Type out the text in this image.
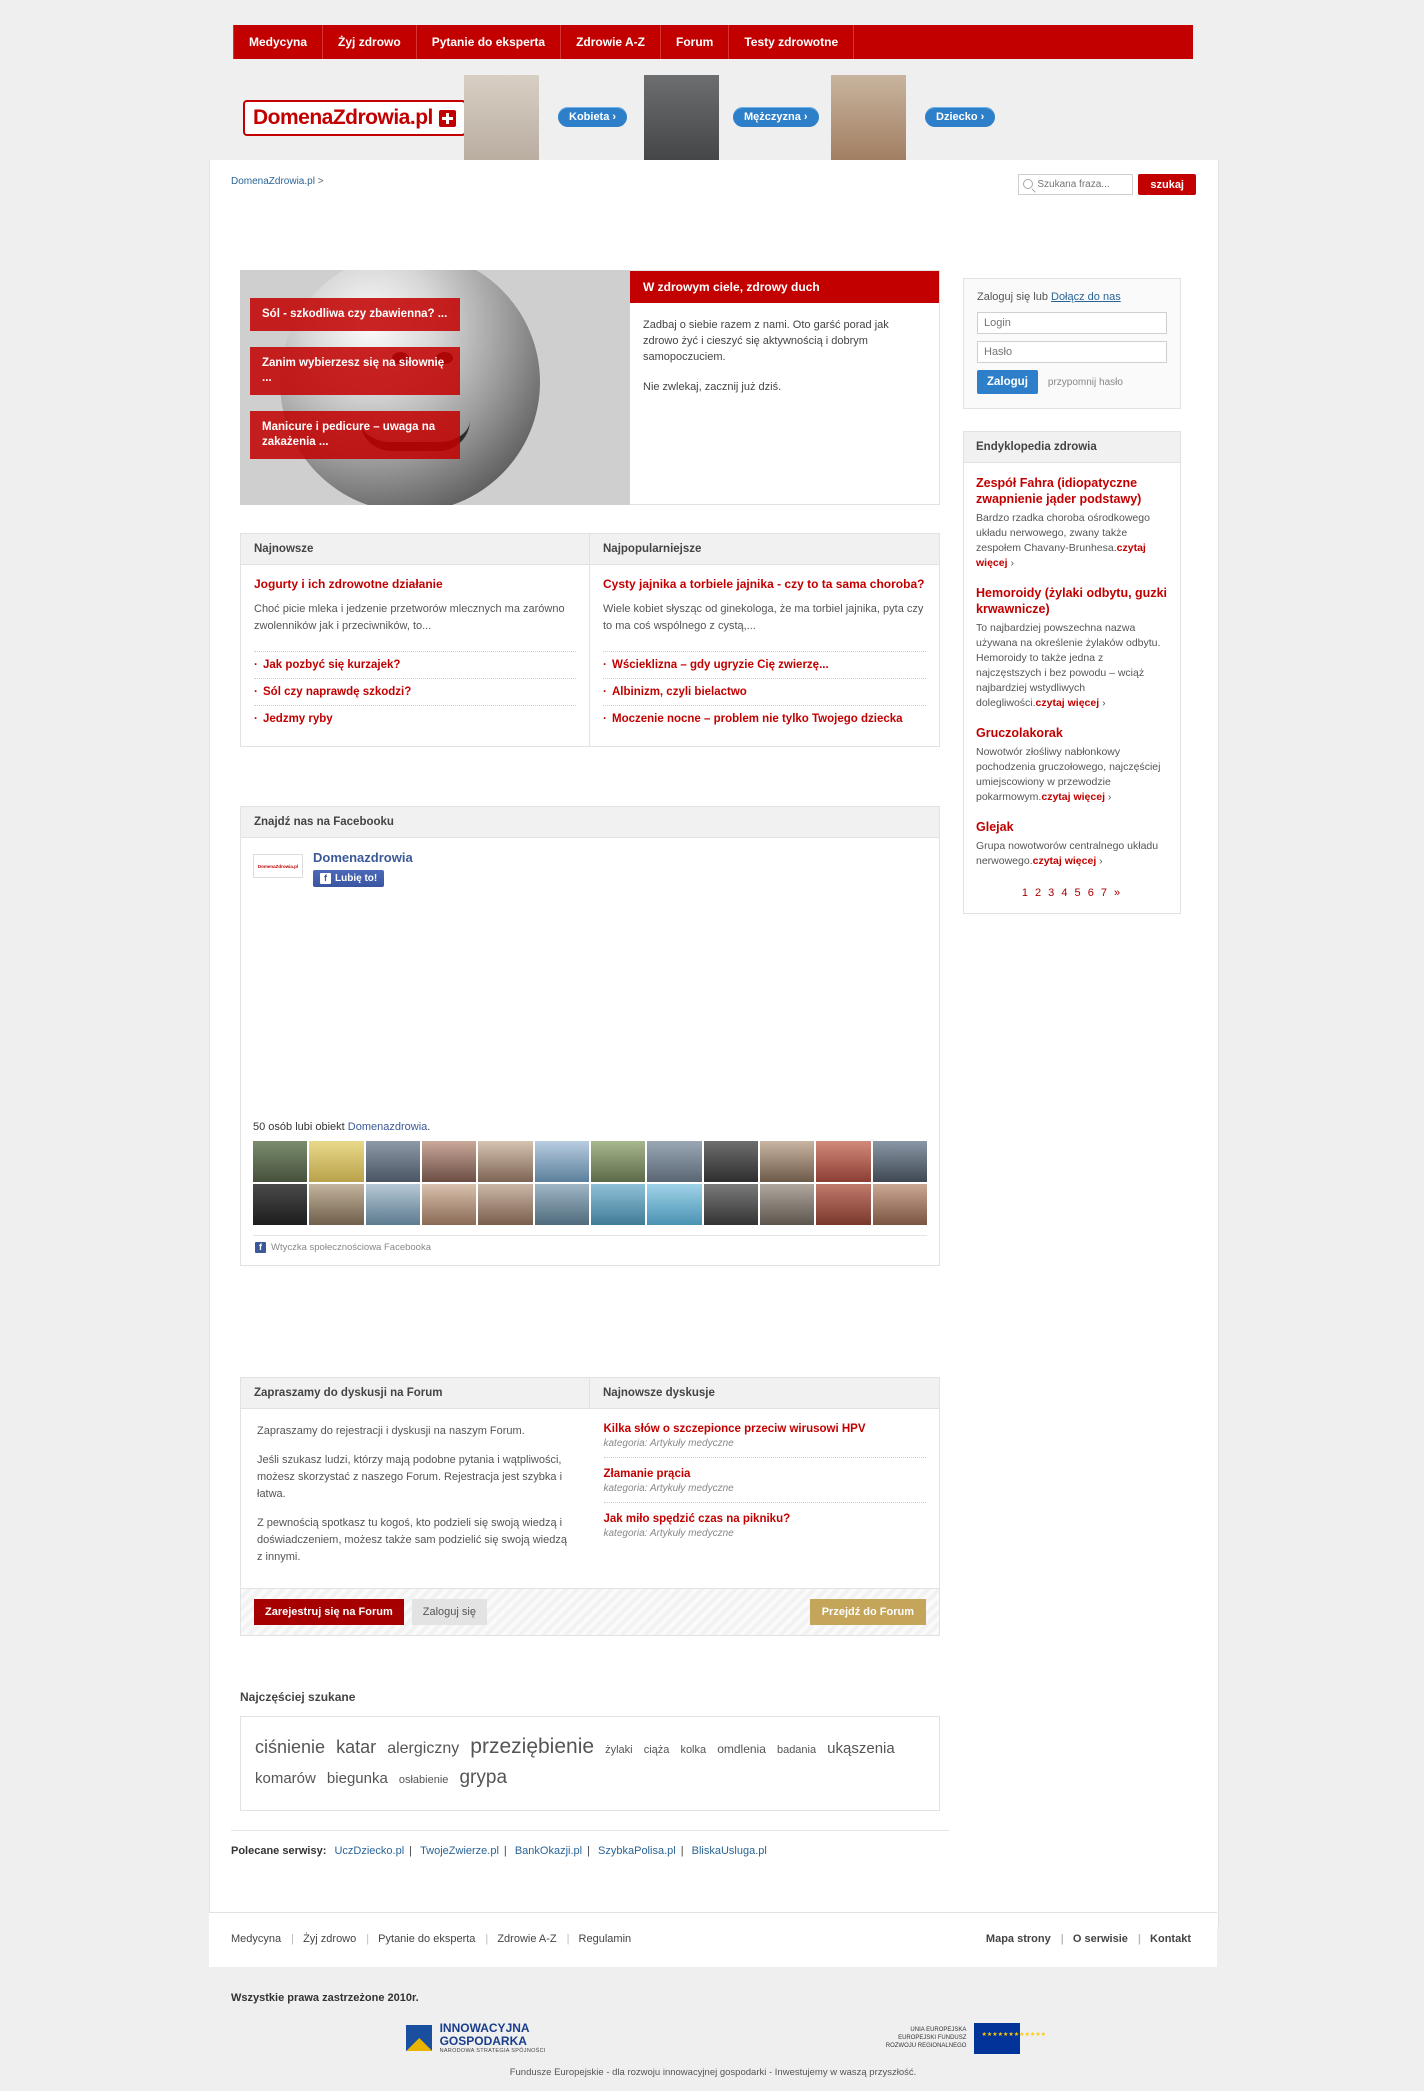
Medycyna	Żyj zdrowo	Pytanie do eksperta	Zdrowie A-Z	Forum	Testy zdrowotne
DomenaZdrowia.pl	Kobieta ›	Mężczyzna ›	Dziecko ›
DomenaZdrowia.pl >
Szukana fraza...	szukaj
Sól - szkodliwa czy zbawienna? ...
Zanim wybierzesz się na siłownię ...
Manicure i pedicure – uwaga na zakażenia ...
W zdrowym ciele, zdrowy duch

Zadbaj o siebie razem z nami. Oto garść porad jak zdrowo żyć i cieszyć się aktywnością i dobrym samopoczuciem.

Nie zwlekaj, zacznij już dziś.

Najnowsze
Jogurty i ich zdrowotne działanie

Choć picie mleka i jedzenie przetworów mlecznych ma zarówno zwolenników jak i przeciwników, to...

· Jak pozbyć się kurzajek?
· Sól czy naprawdę szkodzi?
· Jedzmy ryby
Najpopularniejsze
Cysty jajnika a torbiele jajnika - czy to ta sama choroba?

Wiele kobiet słysząc od ginekologa, że ma torbiel jajnika, pyta czy to ma coś wspólnego z cystą,...

· Wścieklizna – gdy ugryzie Cię zwierzę...
· Albinizm, czyli bielactwo
· Moczenie nocne – problem nie tylko Twojego dziecka
Znajdź nas na Facebooku
DomenaZdrowia.pl
Domenazdrowia
f Lubię to!
50 osób lubi obiekt Domenazdrowia.
f Wtyczka społecznościowa Facebooka
Zapraszamy do dyskusji na Forum	Najnowsze dyskusje

Zapraszamy do rejestracji i dyskusji na naszym Forum.

Jeśli szukasz ludzi, którzy mają podobne pytania i wątpliwości, możesz skorzystać z naszego Forum. Rejestracja jest szybka i łatwa.

Z pewnością spotkasz tu kogoś, kto podzieli się swoją wiedzą i doświadczeniem, możesz także sam podzielić się swoją wiedzą z innymi.

Kilka słów o szczepionce przeciw wirusowi HPV
kategoria: Artykuły medyczne
Złamanie prącia
kategoria: Artykuły medyczne
Jak miło spędzić czas na pikniku?
kategoria: Artykuły medyczne
Zarejestruj się na Forum	Zaloguj się	Przejdź do Forum
Najczęściej szukane
ciśnienie katar alergiczny przeziębienie żylaki ciąża kolka omdlenia badania ukąszenia
komarów biegunka osłabienie grypa
Polecane serwisy: UczDziecko.pl | TwojeZwierze.pl | BankOkazji.pl | SzybkaPolisa.pl | BliskaUsluga.pl
Zaloguj się lub Dołącz do nas
Login
Zaloguj	przypomnij hasło
Endyklopedia zdrowia
Zespół Fahra (idiopatyczne zwapnienie jąder podstawy)

Bardzo rzadka choroba ośrodkowego układu nerwowego, zwany także zespołem Chavany-Brunhesa.czytaj więcej ›

Hemoroidy (żylaki odbytu, guzki krwawnicze)

To najbardziej powszechna nazwa używana na określenie żylaków odbytu. Hemoroidy to także jedna z najczęstszych i bez powodu – wciąż najbardziej wstydliwych dolegliwości.czytaj więcej ›

Gruczolakorak

Nowotwór złośliwy nabłonkowy pochodzenia gruczołowego, najczęściej umiejscowiony w przewodzie pokarmowym.czytaj więcej ›

Glejak

Grupa nowotworów centralnego układu nerwowego.czytaj więcej ›

1 2 3 4 5 6 7 »
Medycyna | Żyj zdrowo | Pytanie do eksperta | Zdrowie A-Z | Regulamin	Mapa strony | O serwisie | Kontakt
Wszystkie prawa zastrzeżone 2010r.
INNOWACYJNA
GOSPODARKA
NARODOWA STRATEGIA SPÓJNOŚCI
UNIA EUROPEJSKA
EUROPEJSKI FUNDUSZ
ROZWOJU REGIONALNEGO
★★★★★★★★★★★★
Fundusze Europejskie - dla rozwoju innowacyjnej gospodarki - Inwestujemy w waszą przyszłość.
